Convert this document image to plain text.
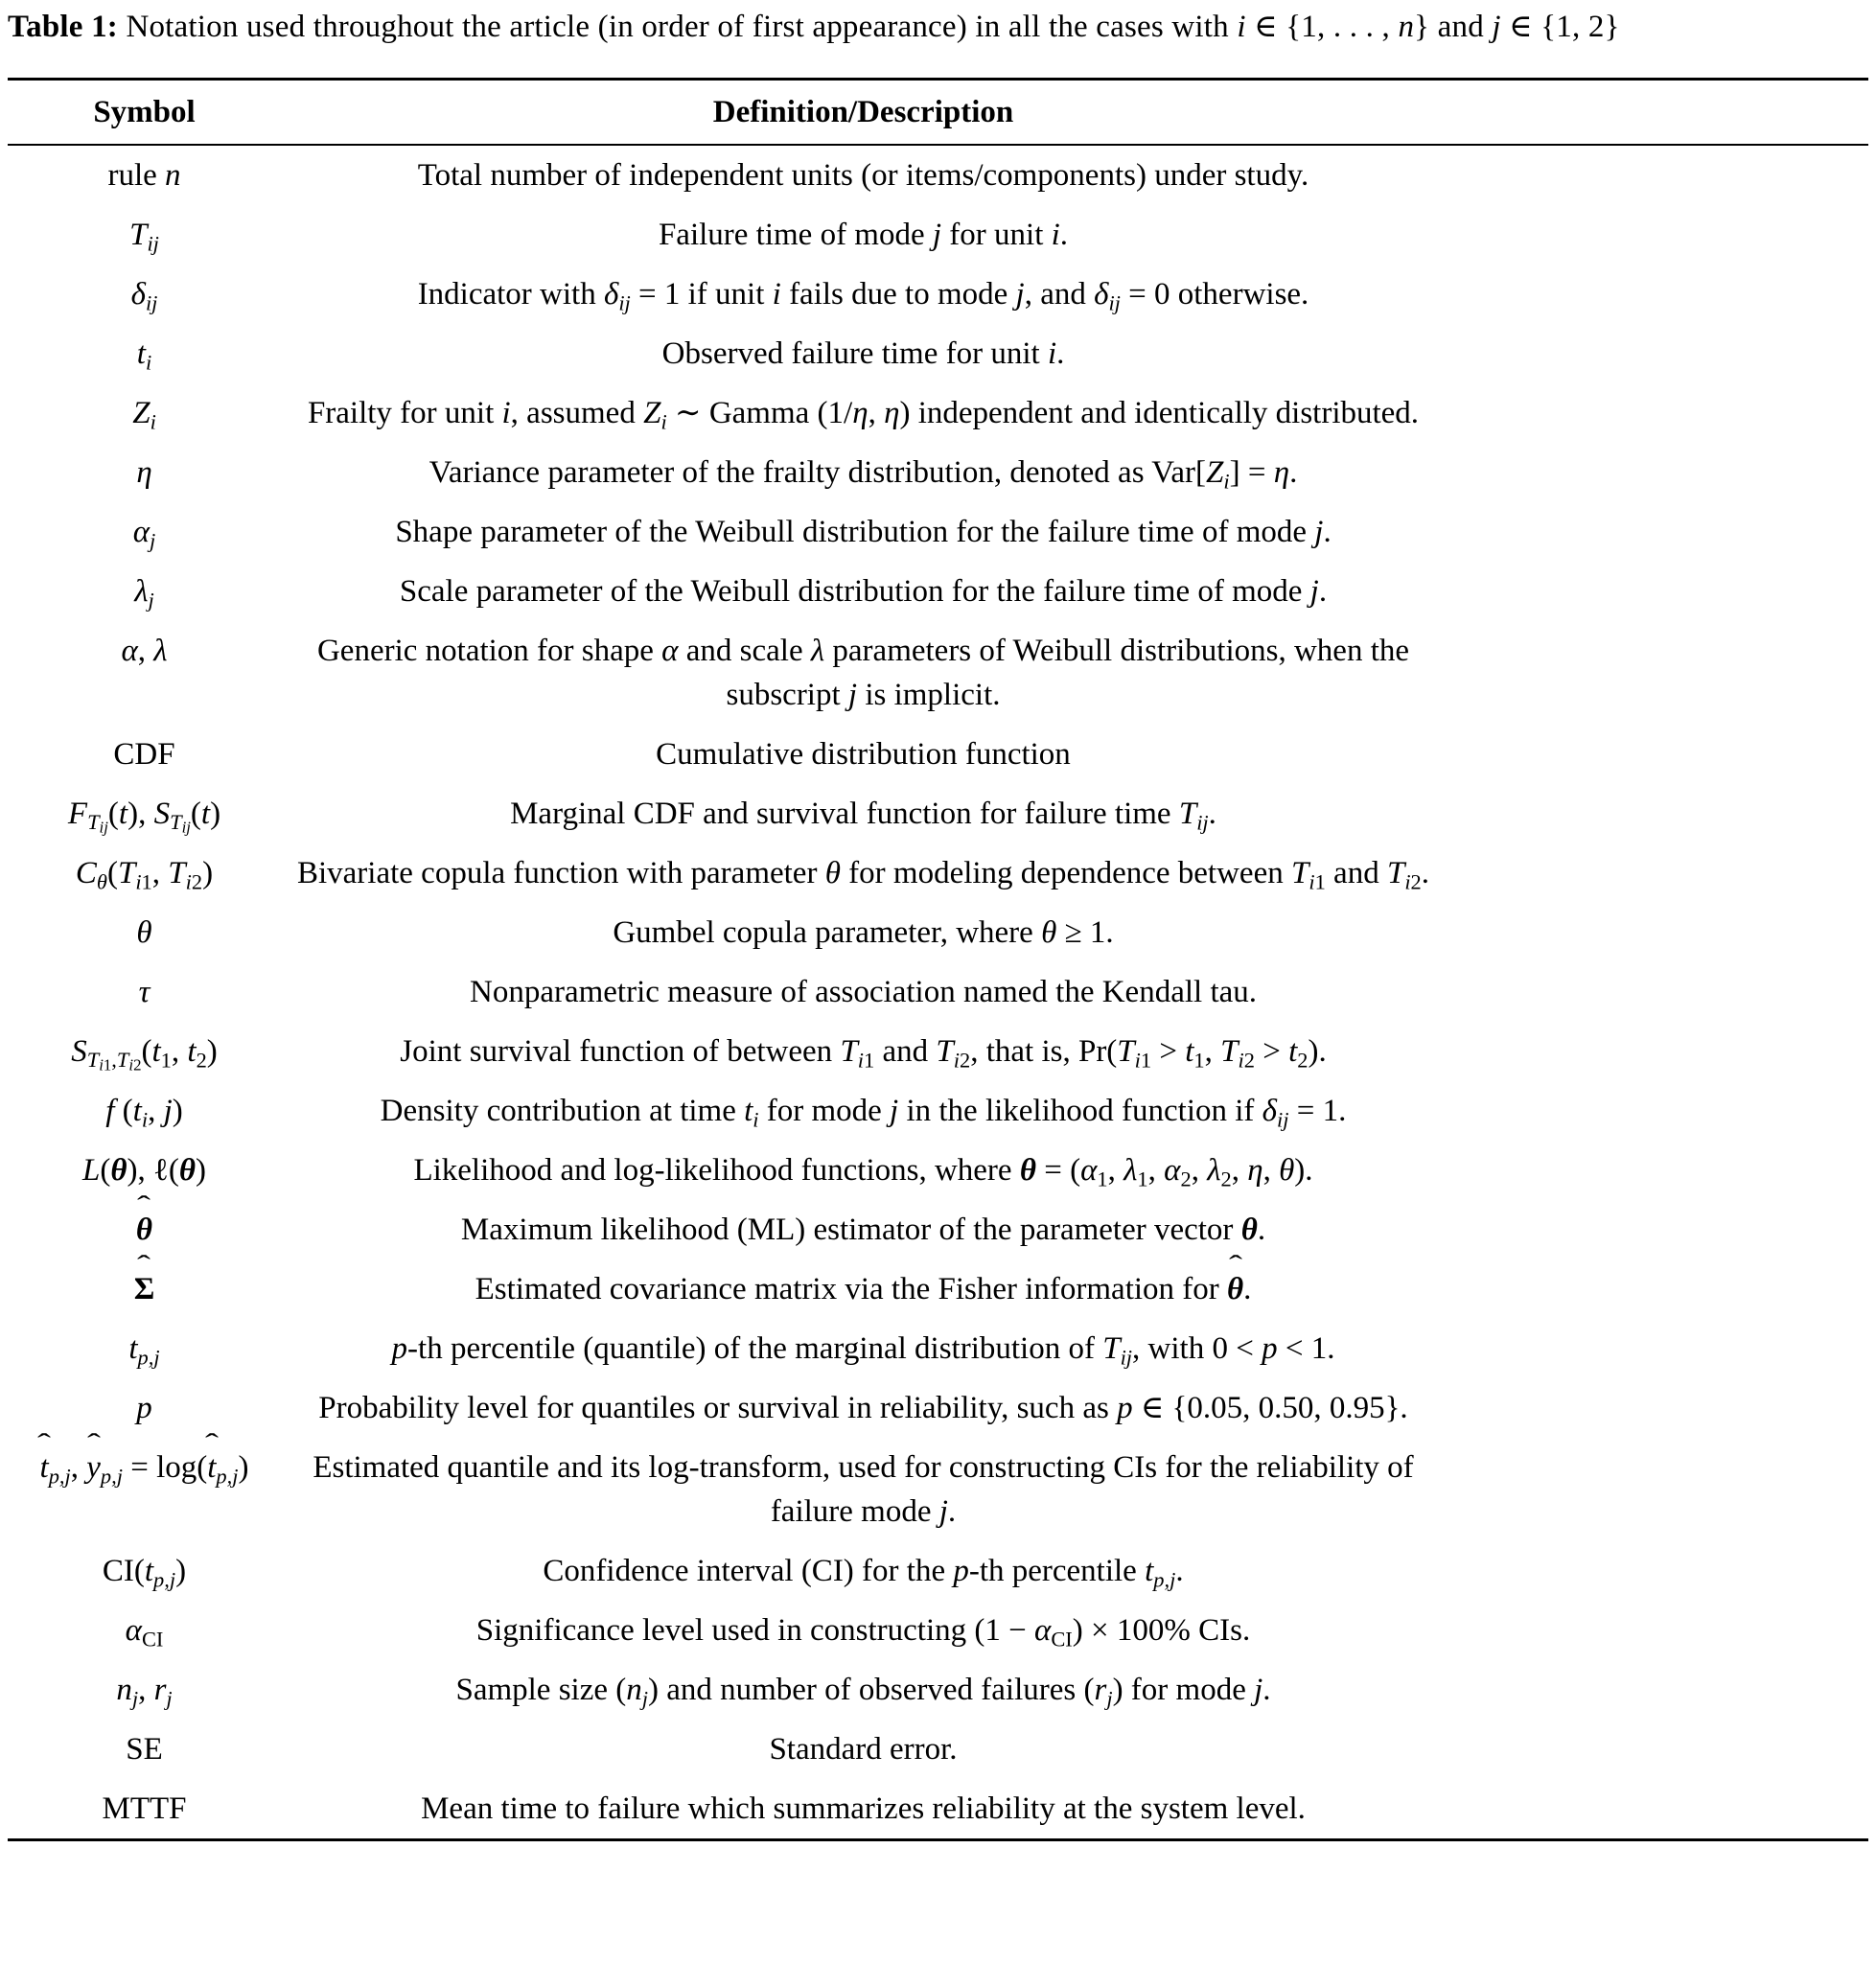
Table 1: Notation used throughout the article (in order of first appearance) in all the cases with i ∈ {1, . . . , n} and j ∈ {1, 2}
Symbol	Definition/Description
rule n	Total number of independent units (or items/components) under study.
$T_{ij}$	Failure time of mode j for unit i.
$\delta_{ij}$	Indicator with $\delta_{ij} = 1$ if unit i fails due to mode j, and $\delta_{ij} = 0$ otherwise.
$t_i$	Observed failure time for unit i.
$Z_i$	Frailty for unit i, assumed $Z_i$ ∼ Gamma (1/η, η) independent and identically distributed.
η	Variance parameter of the frailty distribution, denoted as $Var[Z_i] = \eta$.
$\alpha_j$	Shape parameter of the Weibull distribution for the failure time of mode j.
$\lambda_j$	Scale parameter of the Weibull distribution for the failure time of mode j.
α, λ	Generic notation for shape α and scale λ parameters of Weibull distributions, when the subscript j is implicit.
CDF	Cumulative distribution function
$F_{T_{ij}}(t)$, $S_{T_{ij}}(t)$	Marginal CDF and survival function for failure time $T_{ij}$.
$C_\theta(T_{i1}$, $T_{i2}$)	Bivariate copula function with parameter θ for modeling dependence between $T_{i1}$ and $T_{i2}$.
θ	Gumbel copula parameter, where θ ≥ 1.
τ	Nonparametric measure of association named the Kendall tau.
$S_{T_{i1},T_{i2}}(t_1$, $t_2$)	Joint survival function of between $T_{i1}$ and $T_{i2}$, that is, $Pr(T_{i1} > t_1$, $T_{i2} > t_2$).
f ($t_i$, j)	Density contribution at time $t_i$ for mode j in the likelihood function if $\delta_{ij} = 1$.
L(θ), ℓ(θ)	Likelihood and log-likelihood functions, where $\theta = (\alpha_1$, $\lambda_1$, $\alpha_2$, $\lambda_2$, η, θ).
ˆ θ	Maximum likelihood (ML) estimator of the parameter vector θ.
ˆ Σ	Estimated covariance matrix via the Fisher information for ˆ θ.
$t_{p,j}$	p-th percentile (quantile) of the marginal distribution of $T_{ij}$, with 0 < p < 1.
p	Probability level for quantiles or survival in reliability, such as p ∈ {0.05, 0.50, 0.95}.
ˆ $t_{p,j}$, ˆ $y_{p,j}$ = log(ˆ $t_{p,j}$)	Estimated quantile and its log-transform, used for constructing CIs for the reliability of failure mode j.
$CI(t_{p,j})$	Confidence interval (CI) for the p-th percentile $t_{p,j}$.
$\alpha_{CI}$	Significance level used in constructing $(1 - \alpha_{CI}) \times 100\%$ CIs.
$n_j$, $r_j$	Sample size $(n_j)$ and number of observed failures $(r_j)$ for mode j.
SE	Standard error.
MTTF	Mean time to failure which summarizes reliability at the system level.
